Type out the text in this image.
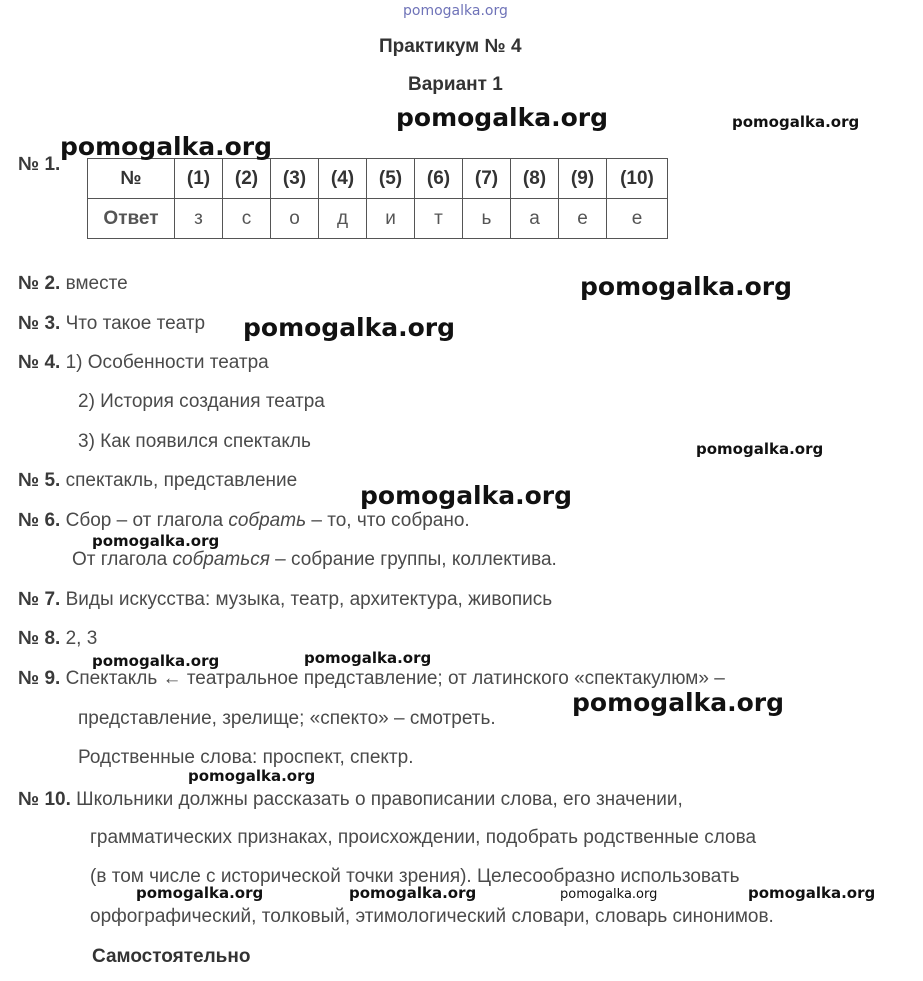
pomogalka.org
Практикум № 4
Вариант 1
№ 1.
№	(1)	(2)	(3)	(4)	(5)	(6)	(7)	(8)	(9)	(10)
Ответ	з	с	о	д	и	т	ь	а	е	е
№ 2. вместе
№ 3. Что такое театр
№ 4. 1) Особенности театра
2) История создания театра
3) Как появился спектакль
№ 5. спектакль, представление
№ 6. Сбор – от глагола собрать – то, что собрано.
От глагола собраться – собрание группы, коллектива.
№ 7. Виды искусства: музыка, театр, архитектура, живопись
№ 8. 2, 3
№ 9. Спектакль ← театральное представление; от латинского «спектакулюм» –
представление, зрелище; «спекто» – смотреть.
Родственные слова: проспект, спектр.
№ 10. Школьники должны рассказать о правописании слова, его значении,
грамматических признаках, происхождении, подобрать родственные слова
(в том числе с исторической точки зрения). Целесообразно использовать
орфографический, толковый, этимологический словари, словарь синонимов.
Самостоятельно
pomogalka.org	pomogalka.org
pomogalka.org
pomogalka.org
pomogalka.org
pomogalka.org
pomogalka.org
pomogalka.org
pomogalka.org	pomogalka.org
pomogalka.org
pomogalka.org
pomogalka.org	pomogalka.org	pomogalka.org	pomogalka.org
